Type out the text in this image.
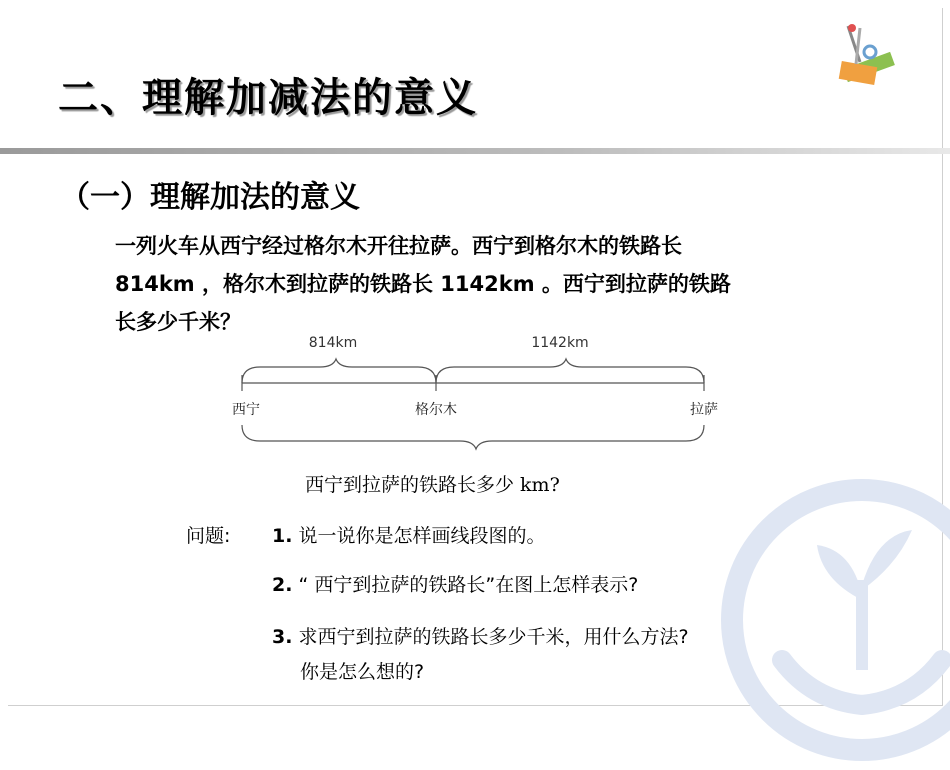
二、理解加减法的意义
（一）理解加法的意义
一列火车从西宁经过格尔木开往拉萨。西宁到格尔木的铁路长
814km ，格尔木到拉萨的铁路长 1142km 。西宁到拉萨的铁路
长多少千米？
814km	1142km
西宁	格尔木	拉萨
西宁到拉萨的铁路长多少 km?
问题: 1. 说一说你是怎样画线段图的。
2. “ 西宁到拉萨的铁路长”在图上怎样表示?
3. 求西宁到拉萨的铁路长多少千米，用什么方法?
你是怎么想的?
